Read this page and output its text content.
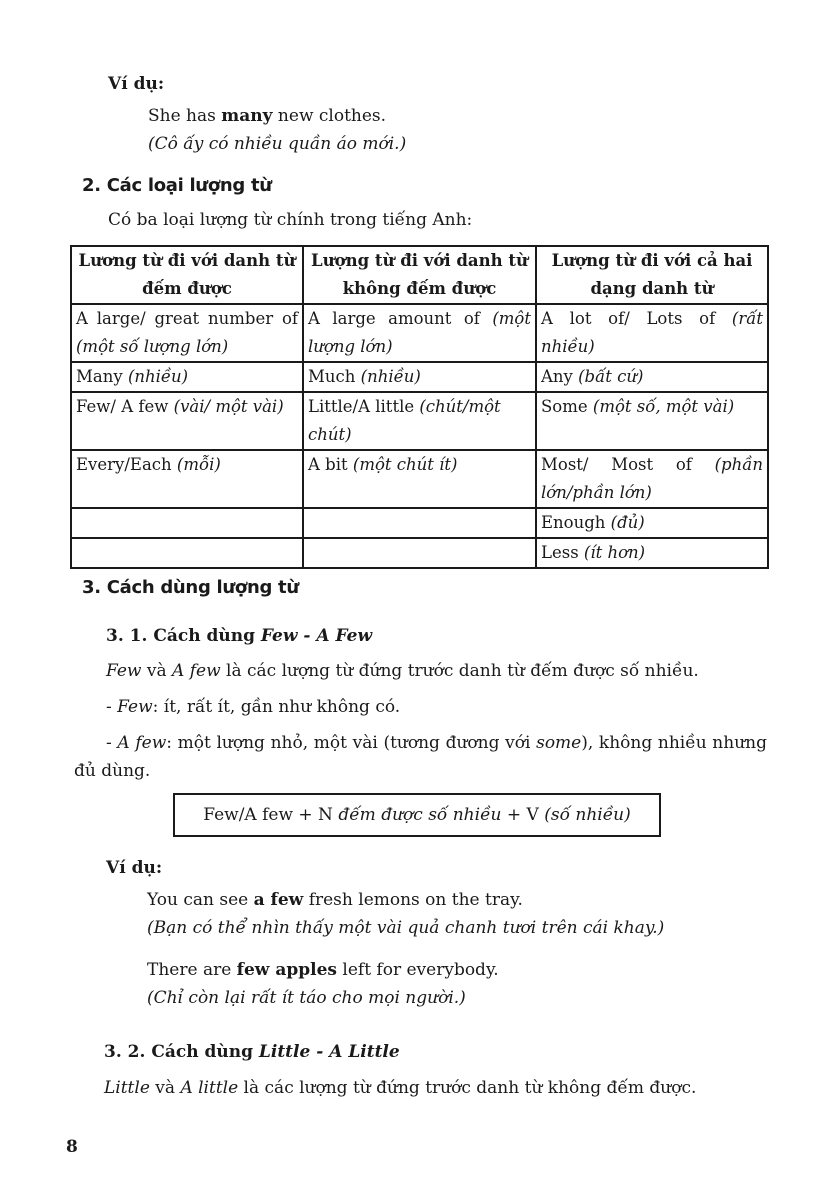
Ví dụ:
She has many new clothes.
(Cô ấy có nhiều quần áo mới.)
2. Các loại lượng từ
Có ba loại lượng từ chính trong tiếng Anh:
Lương từ đi với danh từ đếm được	Lượng từ đi với danh từ không đếm được	Lượng từ đi với cả hai dạng danh từ
A large/ great number of (một số lượng lớn)	A large amount of (một lượng lớn)	A lot of/ Lots of (rất nhiều)
Many (nhiều)	Much (nhiều)	Any (bất cứ)
Few/ A few (vài/ một vài)	Little/A little (chút/một chút)	Some (một số, một vài)
Every/Each (mỗi)	A bit (một chút ít)	Most/ Most of (phần lớn/phần lớn)
		Enough (đủ)
		Less (ít hơn)
3. Cách dùng lượng từ
3. 1. Cách dùng Few - A Few
Few và A few là các lượng từ đứng trước danh từ đếm được số nhiều.
- Few: ít, rất ít, gần như không có.
- A few: một lượng nhỏ, một vài (tương đương với some), không nhiều nhưng đủ dùng.
Few/A few + N đếm được số nhiều + V (số nhiều)
Ví dụ:
You can see a few fresh lemons on the tray.
(Bạn có thể nhìn thấy một vài quả chanh tươi trên cái khay.)
There are few apples left for everybody.
(Chỉ còn lại rất ít táo cho mọi người.)
3. 2. Cách dùng Little - A Little
Little và A little là các lượng từ đứng trước danh từ không đếm được.
8
